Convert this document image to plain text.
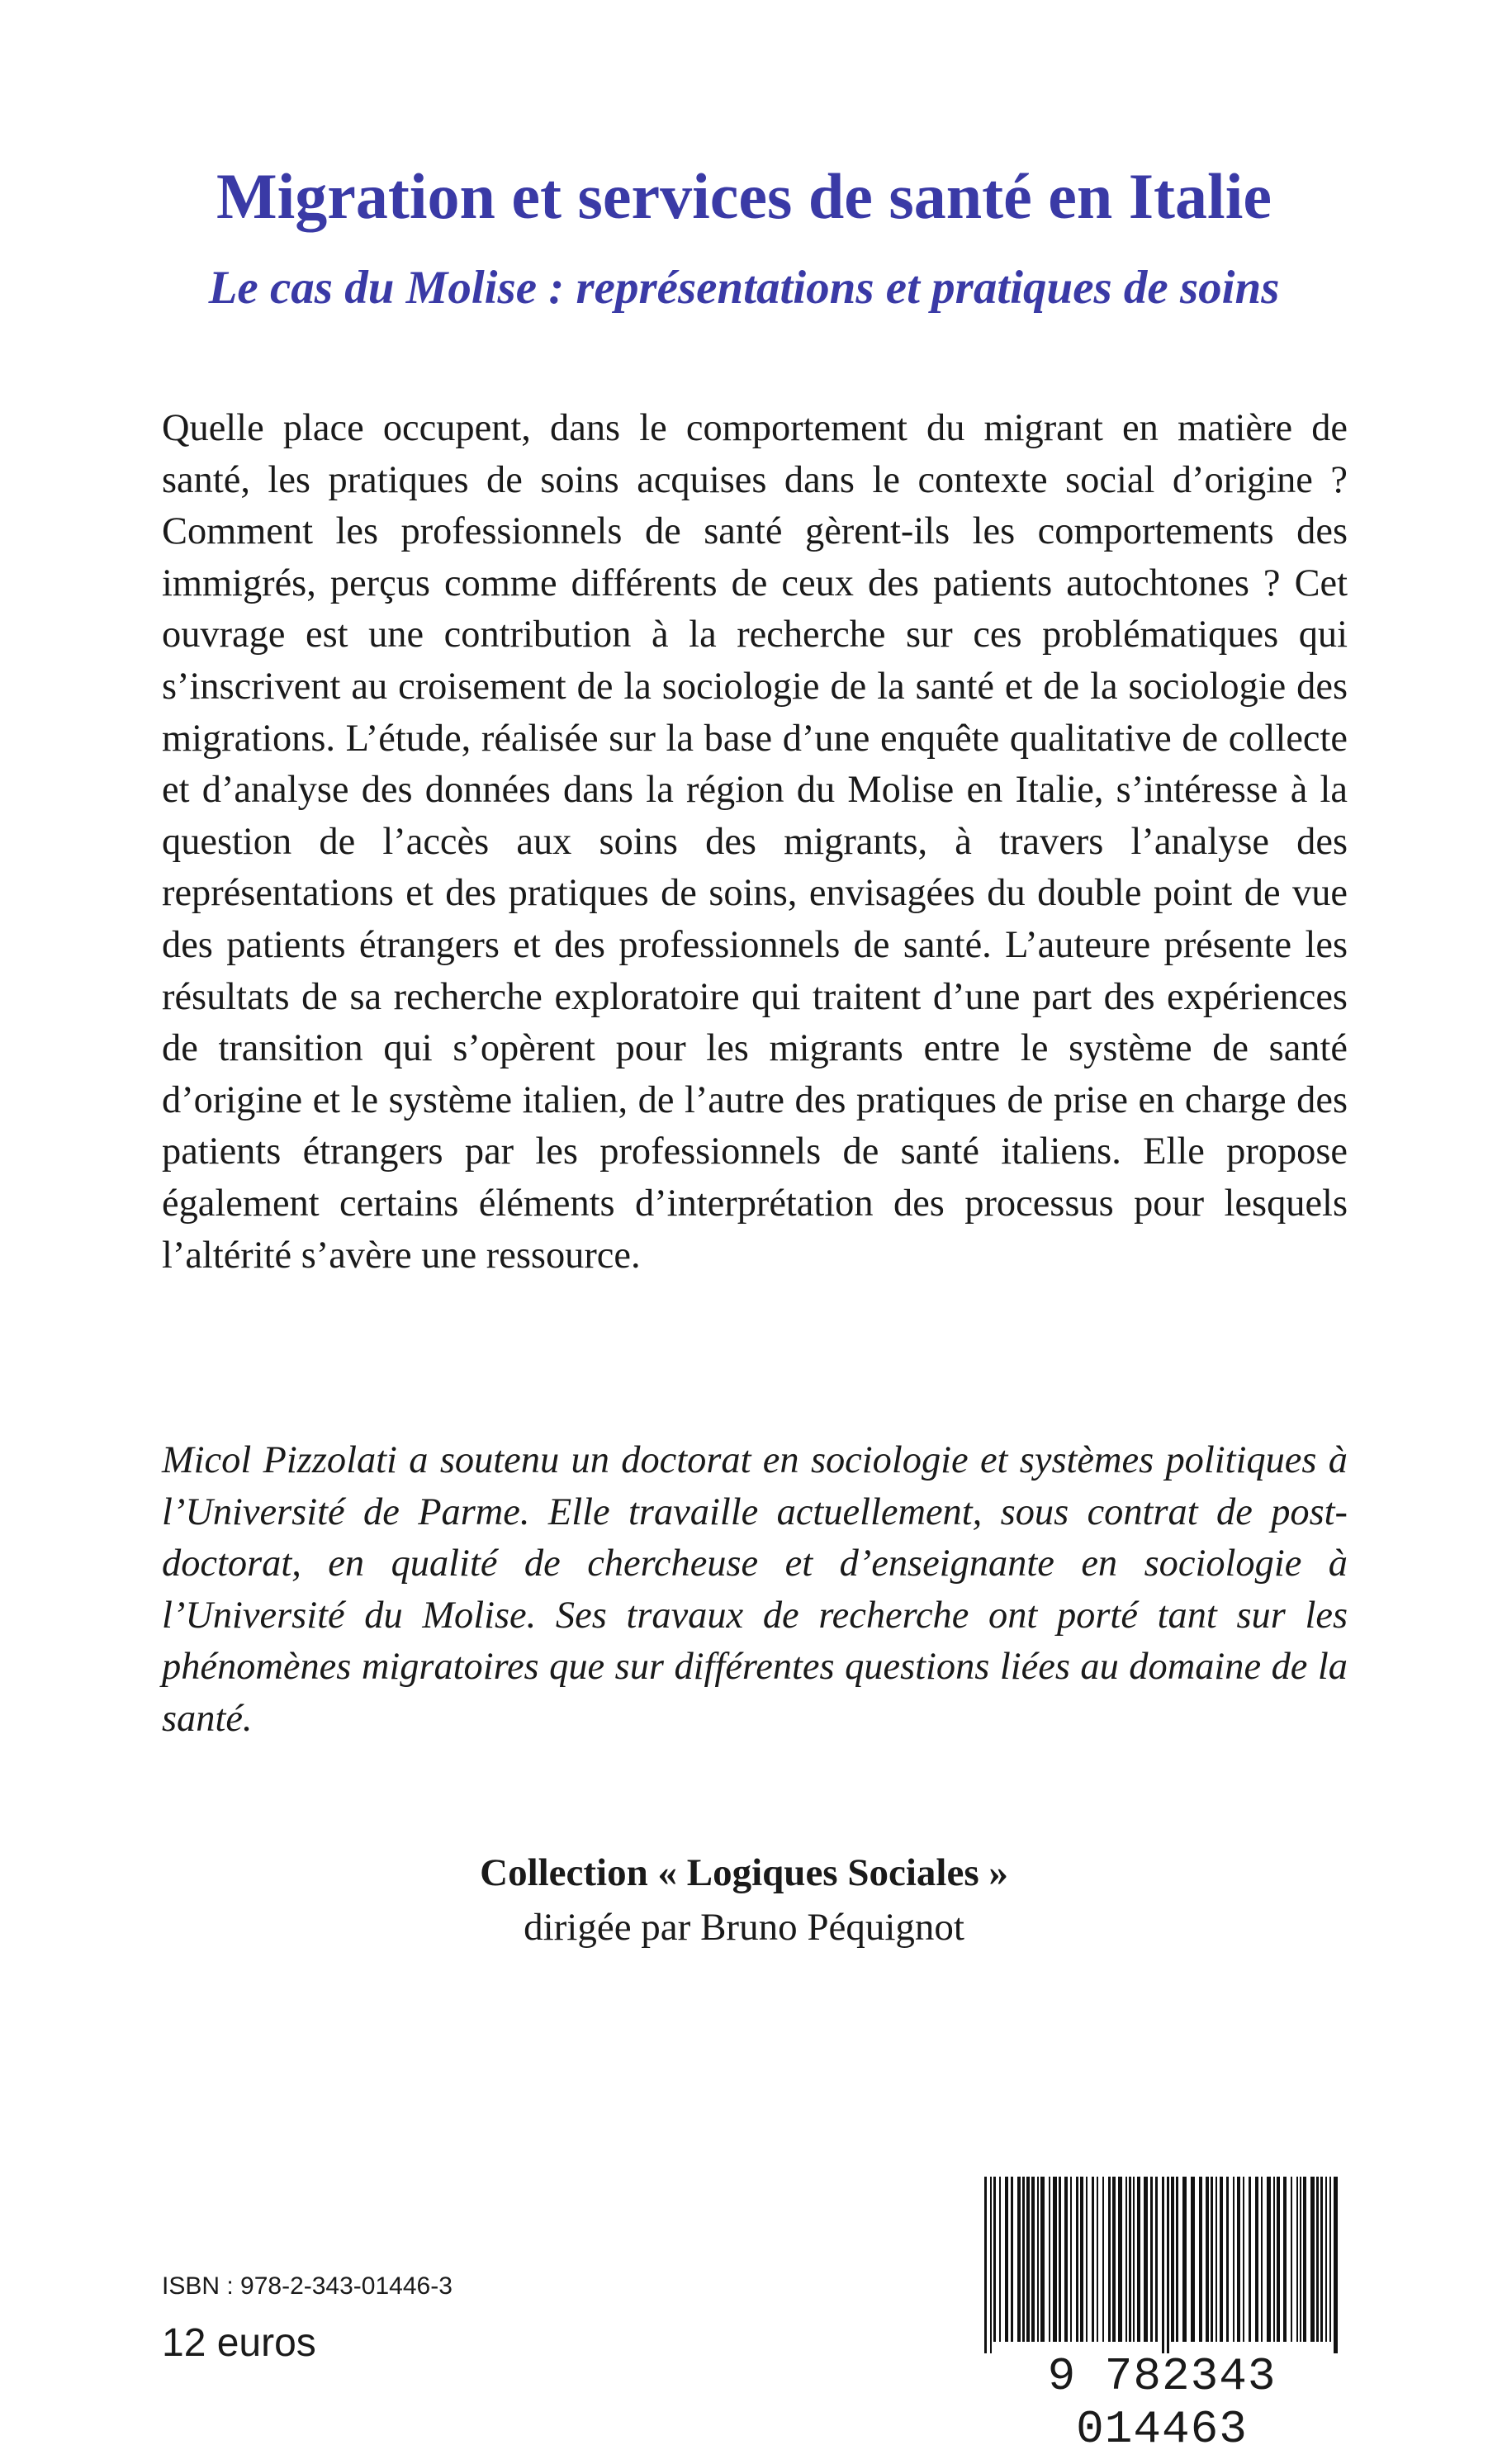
Migration et services de santé en Italie
Le cas du Molise : représentations et pratiques de soins

Quelle place occupent, dans le comportement du migrant en matière de santé, les pratiques de soins acquises dans le contexte social d’origine ? Comment les professionnels de santé gèrent-ils les comportements des immigrés, perçus comme différents de ceux des patients autochtones ? Cet ouvrage est une contribution à la recherche sur ces problématiques qui s’inscrivent au croisement de la sociologie de la santé et de la sociologie des migrations. L’étude, réalisée sur la base d’une enquête qualitative de collecte et d’analyse des données dans la région du Molise en Italie, s’intéresse à la question de l’accès aux soins des migrants, à travers l’analyse des représentations et des pratiques de soins, envisagées du double point de vue des patients étrangers et des professionnels de santé. L’auteure présente les résultats de sa recherche exploratoire qui traitent d’une part des expériences de transition qui s’opèrent pour les migrants entre le système de santé d’origine et le système italien, de l’autre des pratiques de prise en charge des patients étrangers par les professionnels de santé italiens. Elle propose également certains éléments d’interprétation des processus pour lesquels l’altérité s’avère une ressource.

Micol Pizzolati a soutenu un doctorat en sociologie et systèmes politiques à l’Université de Parme. Elle travaille actuellement, sous contrat de post-doctorat, en qualité de chercheuse et d’enseignante en sociologie à l’Université du Molise. Ses travaux de recherche ont porté tant sur les phénomènes migratoires que sur différentes questions liées au domaine de la santé.

Collection « Logiques Sociales »

dirigée par Bruno Péquignot

ISBN : 978-2-343-01446-3

12 euros

9 782343 014463
